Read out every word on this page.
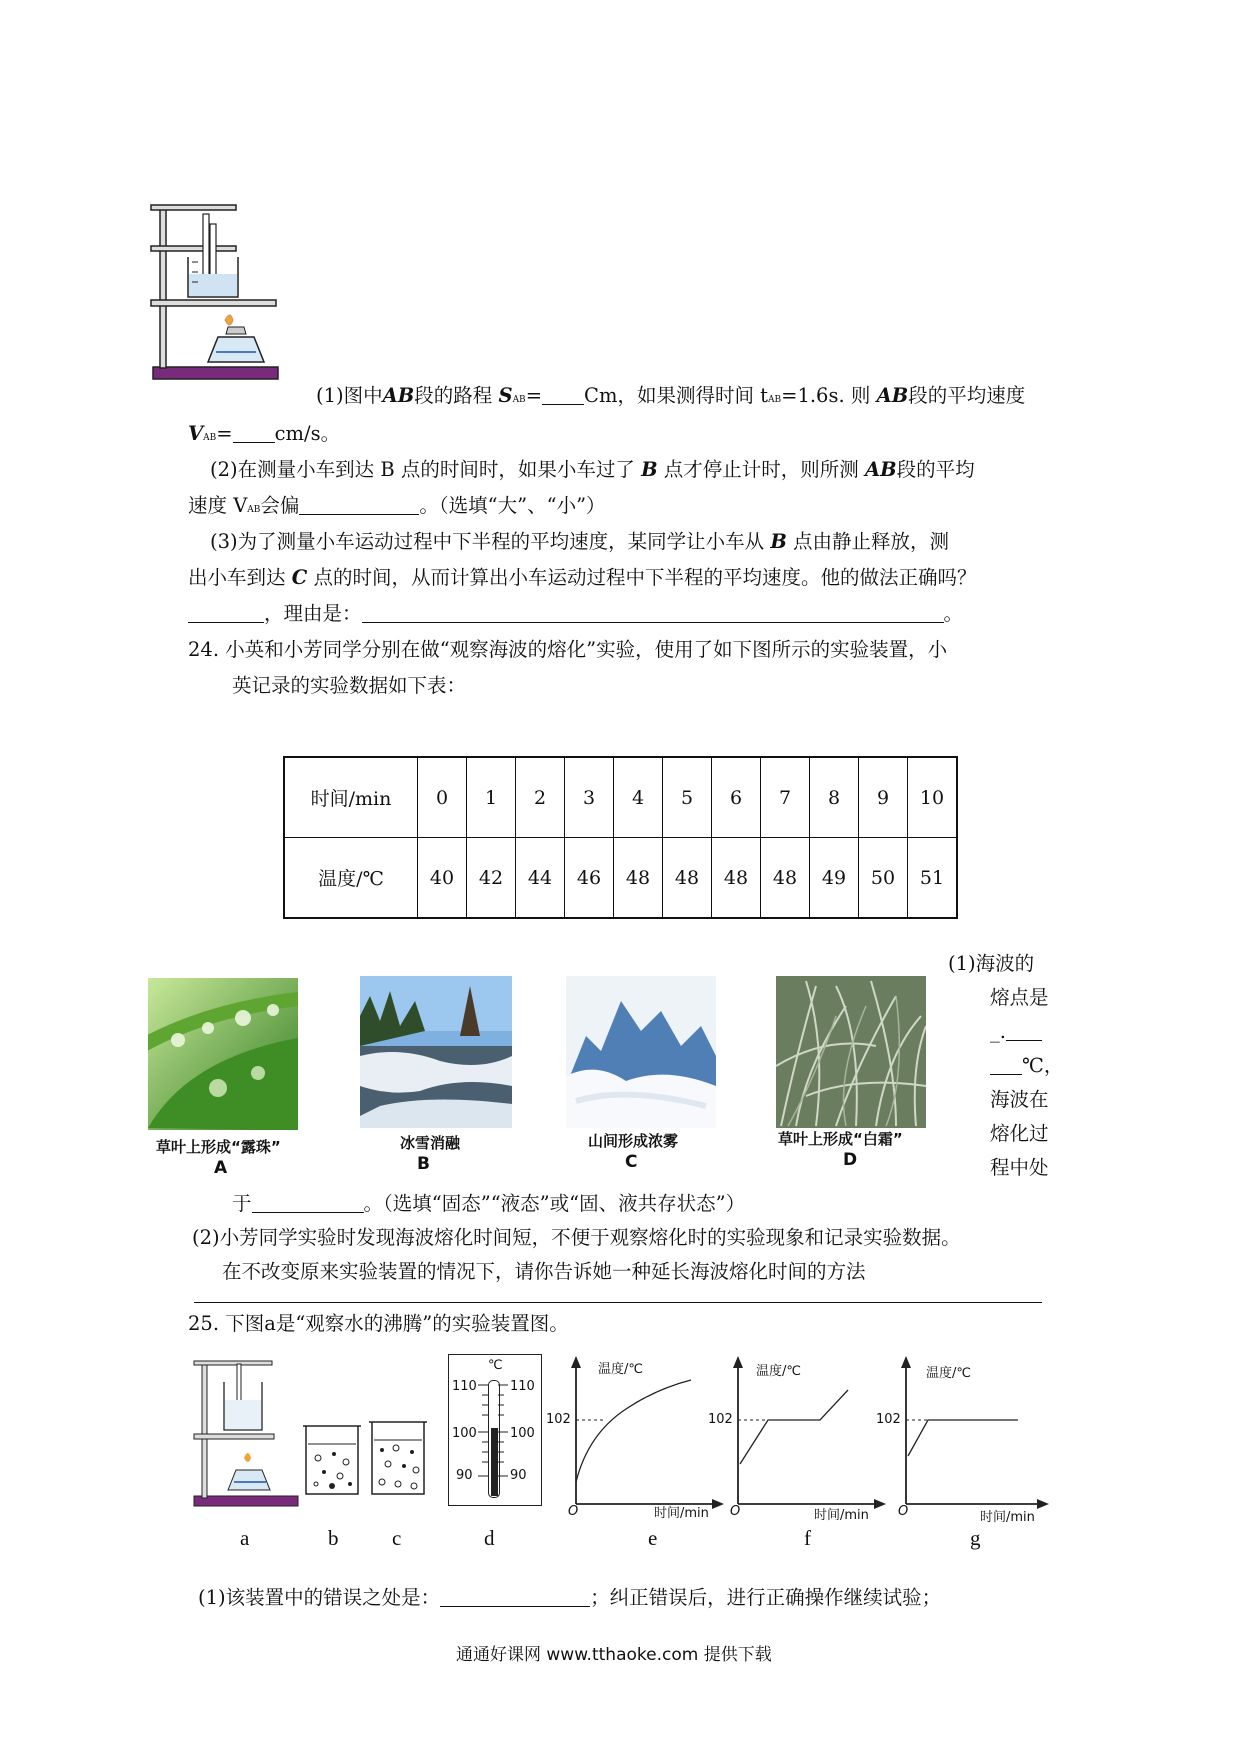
(1)图中AB段的路程 SAB= Cm，如果测得时间 tAB=1.6s. 则 AB段的平均速度
VAB= cm/s。
(2)在测量小车到达 B 点的时间时，如果小车过了 B 点才停止计时，则所测 AB段的平均
速度 VAB会偏	。（选填“大”、“小”）
(3)为了测量小车运动过程中下半程的平均速度，某同学让小车从 B 点由静止释放，测
出小车到达 C 点的时间，从而计算出小车运动过程中下半程的平均速度。他的做法正确吗？
，理由是：	。
24. 小英和小芳同学分别在做“观察海波的熔化”实验，使用了如下图所示的实验装置，小
英记录的实验数据如下表：
时间/min	0	1	2	3	4	5	6	7	8	9	10
温度/℃	40	42	44	46	48	48	48	48	49	50	51
草叶上形成“露珠”
A
冰雪消融
B
山间形成浓雾
C
草叶上形成“白霜”
D
(1)海波的
熔点是
_.
℃，
海波在
熔化过
程中处
于	。（选填“固态”“液态”或“固、液共存状态”）
(2)小芳同学实验时发现海波熔化时间短，不便于观察熔化时的实验现象和记录实验数据。
在不改变原来实验装置的情况下，请你告诉她一种延长海波熔化时间的方法
25. 下图a是“观察水的沸腾”的实验装置图。
℃
110	110
100	100
90	90
温度/℃
102
O	时间/min
温度/℃
102
O	时间/min
温度/℃
102
O	时间/min
a	b	c	d	e	f	g
(1)该装置中的错误之处是：	；纠正错误后，进行正确操作继续试验；
通通好课网 www.tthaoke.com 提供下载
